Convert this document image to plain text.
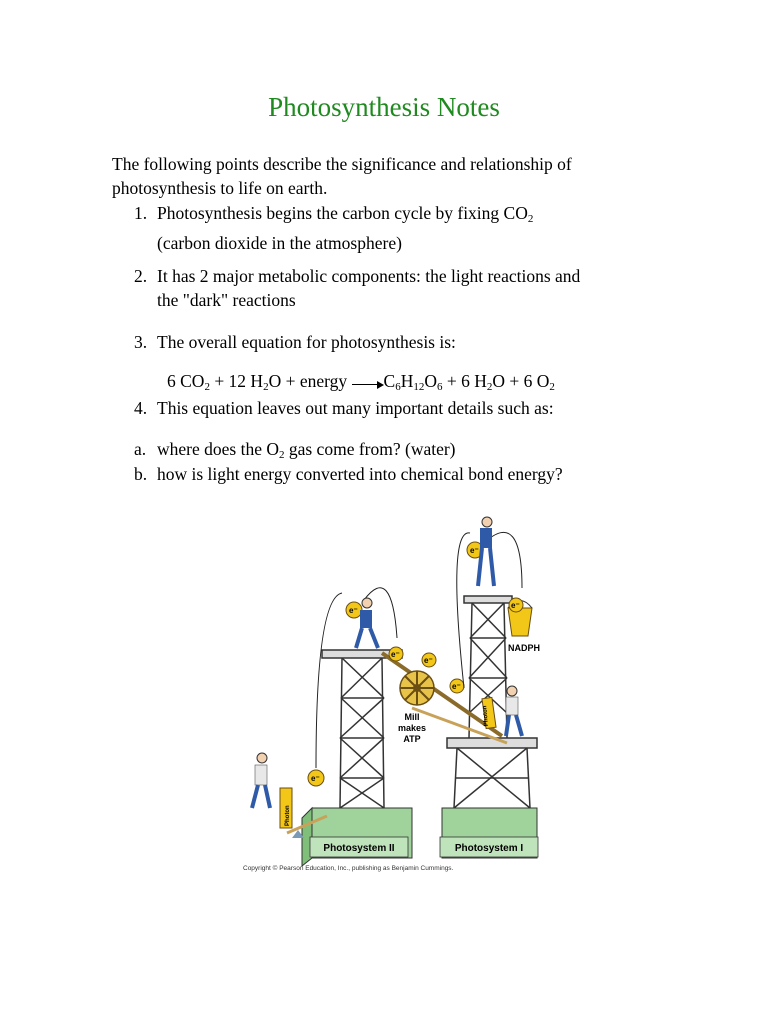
Photosynthesis Notes
The following points describe the significance and relationship of photosynthesis to life on earth.
1. Photosynthesis begins the carbon cycle by fixing $CO_2$
(carbon dioxide in the atmosphere)
2. It has 2 major metabolic components: the light reactions and
the "dark" reactions
3. The overall equation for photosynthesis is:
6 $CO_2 + 12$ $H_2O$ + energy $C_6H_{12}O_6 + 6$ $H_2O + 6$ $O_2$
4. This equation leaves out many important details such as:
a. where does the $O_2$ gas come from? (water)
b. how is light energy converted into chemical bond energy?
Photosystem II	Photosystem I
Mill
makes
ATP
NADPH
e⁻
e⁻
e⁻
e⁻
e⁻
e⁻
e⁻
Photon
Photon
Copyright © Pearson Education, Inc., publishing as Benjamin Cummings.
